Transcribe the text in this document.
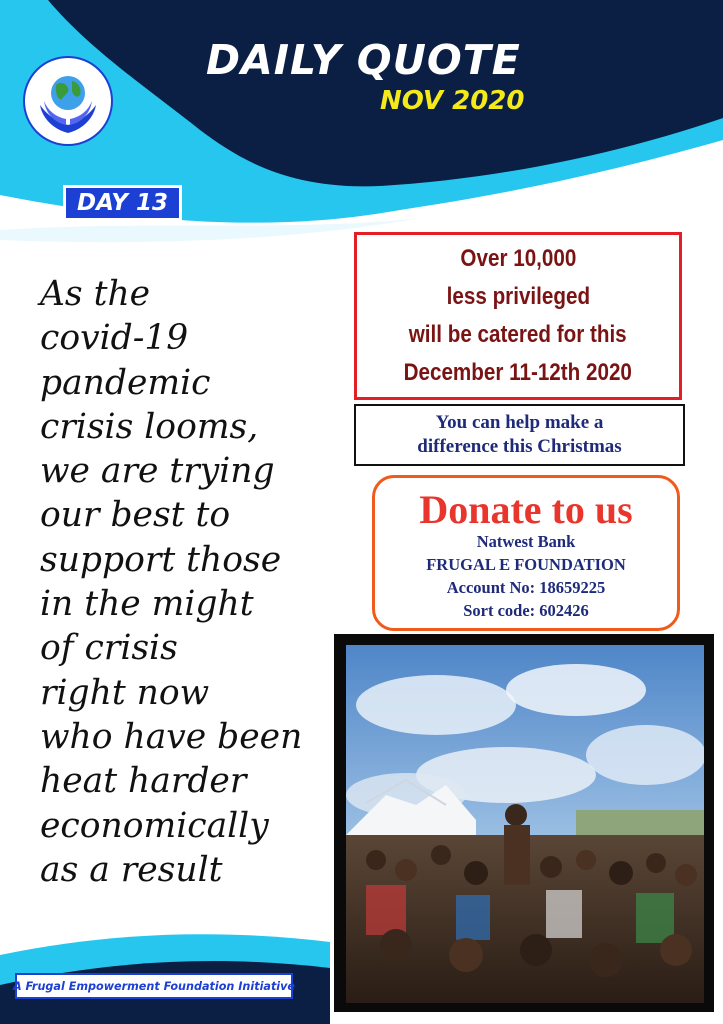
DAILY QUOTE
NOV 2020
DAY 13
As the
covid-19
pandemic
crisis looms,
we are trying
our best to
support those
in the might
of crisis
right now
who have been
heat harder
economically
as a result
Over 10,000
less privileged
will be catered for this
December 11-12th 2020
You can help make a
difference this Christmas
Donate to us
Natwest Bank
FRUGAL E FOUNDATION
Account No: 18659225
Sort code: 602426
A Frugal Empowerment Foundation Initiative
